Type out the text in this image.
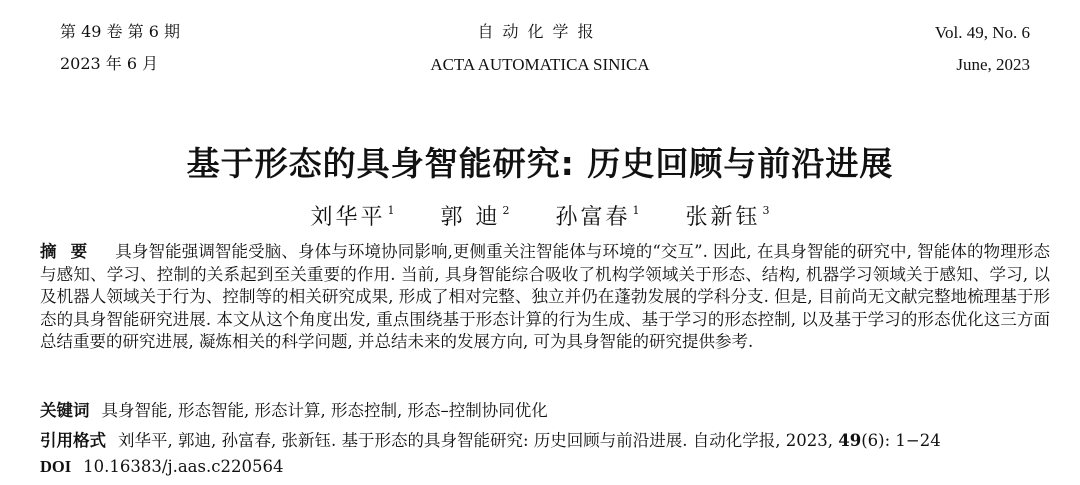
第 49 卷 第 6 期
2023 年 6 月
自动化学报
ACTA AUTOMATICA SINICA
Vol. 49, No. 6
June, 2023
基于形态的具身智能研究: 历史回顾与前沿进展
刘华平 $^1$ 郭 迪 $^2$ 孙富春 $^1$ 张新钰 $^3$
摘要 具身智能强调智能受脑、身体与环境协同影响,更侧重关注智能体与环境的“交互”. 因此, 在具身智能的研究中, 智能体的物理形态与感知、学习、控制的关系起到至关重要的作用. 当前, 具身智能综合吸收了机构学领域关于形态、结构, 机器学习领域关于感知、学习, 以及机器人领域关于行为、控制等的相关研究成果, 形成了相对完整、独立并仍在蓬勃发展的学科分支. 但是, 目前尚无文献完整地梳理基于形态的具身智能研究进展. 本文从这个角度出发, 重点围绕基于形态计算的行为生成、基于学习的形态控制, 以及基于学习的形态优化这三方面总结重要的研究进展, 凝炼相关的科学问题, 并总结未来的发展方向, 可为具身智能的研究提供参考.
关键词 具身智能, 形态智能, 形态计算, 形态控制, 形态–控制协同优化
引用格式 刘华平, 郭迪, 孙富春, 张新钰. 基于形态的具身智能研究: 历史回顾与前沿进展. 自动化学报, 2023, 49(6): 1−24
DOI 10.16383/j.aas.c220564
